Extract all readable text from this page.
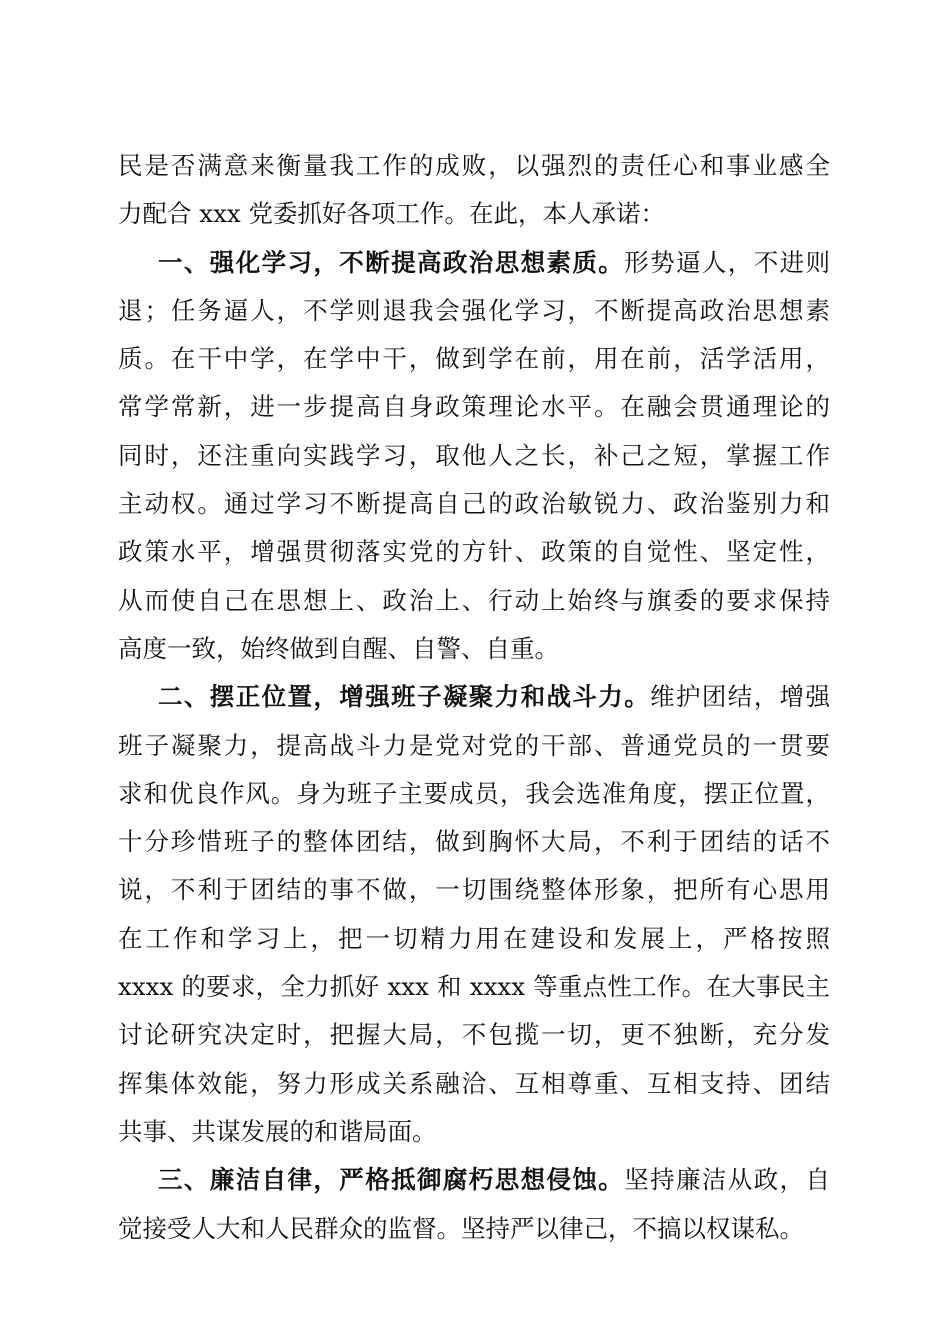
民是否满意来衡量我工作的成败，以强烈的责任心和事业感全
力配合 xxx 党委抓好各项工作。在此，本人承诺：
一、强化学习，不断提高政治思想素质。形势逼人，不进则
退；任务逼人，不学则退我会强化学习，不断提高政治思想素
质。在干中学，在学中干，做到学在前，用在前，活学活用，
常学常新，进一步提高自身政策理论水平。在融会贯通理论的
同时，还注重向实践学习，取他人之长，补己之短，掌握工作
主动权。通过学习不断提高自己的政治敏锐力、政治鉴别力和
政策水平，增强贯彻落实党的方针、政策的自觉性、坚定性，
从而使自己在思想上、政治上、行动上始终与旗委的要求保持
高度一致，始终做到自醒、自警、自重。
二、摆正位置，增强班子凝聚力和战斗力。维护团结，增强
班子凝聚力，提高战斗力是党对党的干部、普通党员的一贯要
求和优良作风。身为班子主要成员，我会选准角度，摆正位置，
十分珍惜班子的整体团结，做到胸怀大局，不利于团结的话不
说，不利于团结的事不做，一切围绕整体形象，把所有心思用
在工作和学习上，把一切精力用在建设和发展上，严格按照
xxxx 的要求，全力抓好 xxx 和 xxxx 等重点性工作。在大事民主
讨论研究决定时，把握大局，不包揽一切，更不独断，充分发
挥集体效能，努力形成关系融洽、互相尊重、互相支持、团结
共事、共谋发展的和谐局面。
三、廉洁自律，严格抵御腐朽思想侵蚀。坚持廉洁从政，自
觉接受人大和人民群众的监督。坚持严以律己，不搞以权谋私。
